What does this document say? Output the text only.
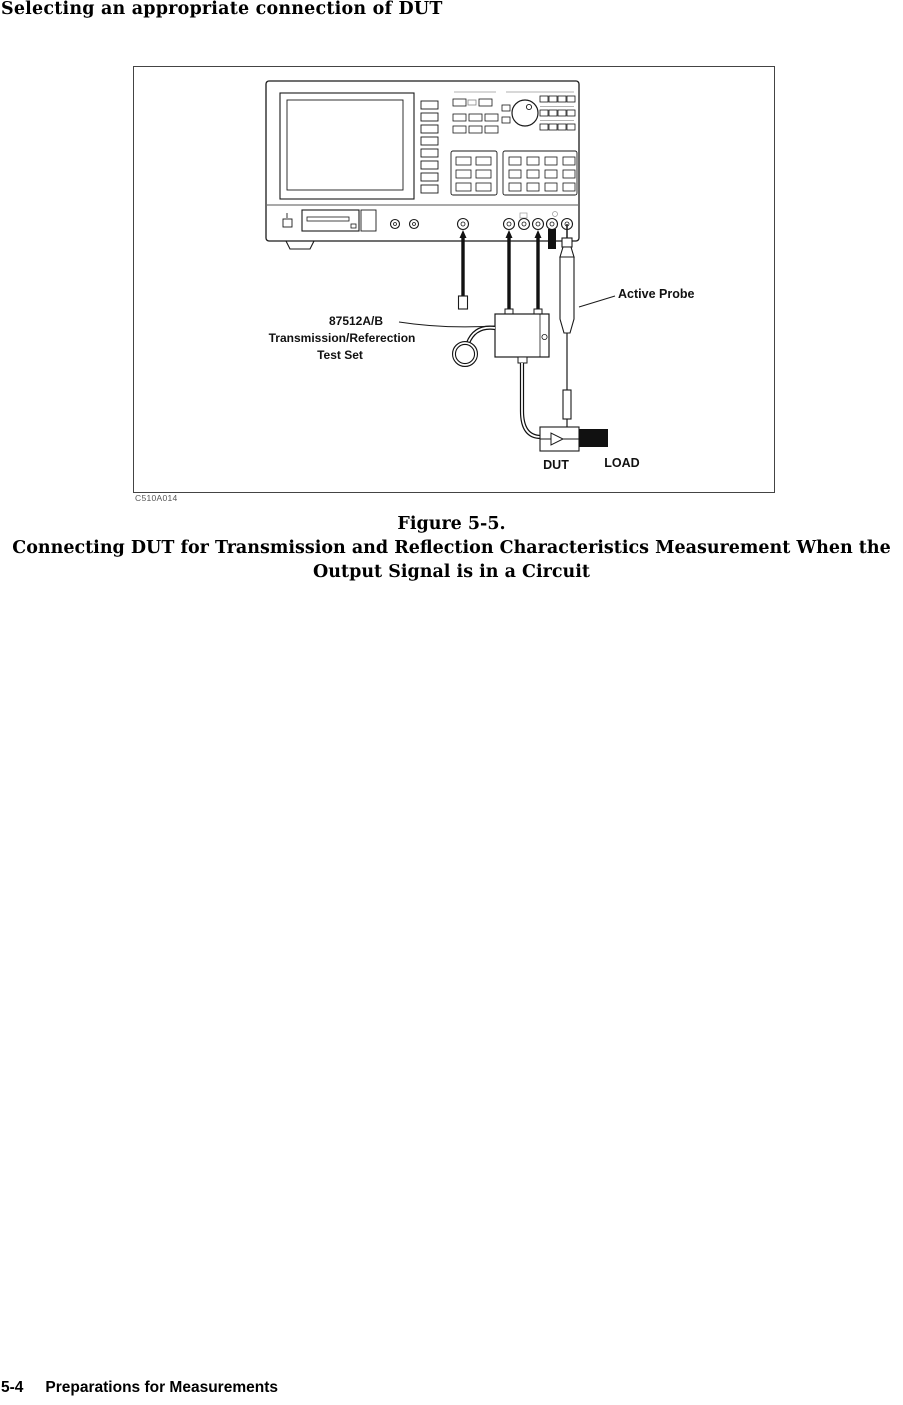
Selecting an appropriate connection of DUT
87512A/B
Transmission/Referection
Test Set
Active Probe
DUT	LOAD
C510A014
Figure 5-5.
Connecting DUT for Transmission and Reflection Characteristics Measurement When the
Output Signal is in a Circuit
5-4 Preparations for Measurements
